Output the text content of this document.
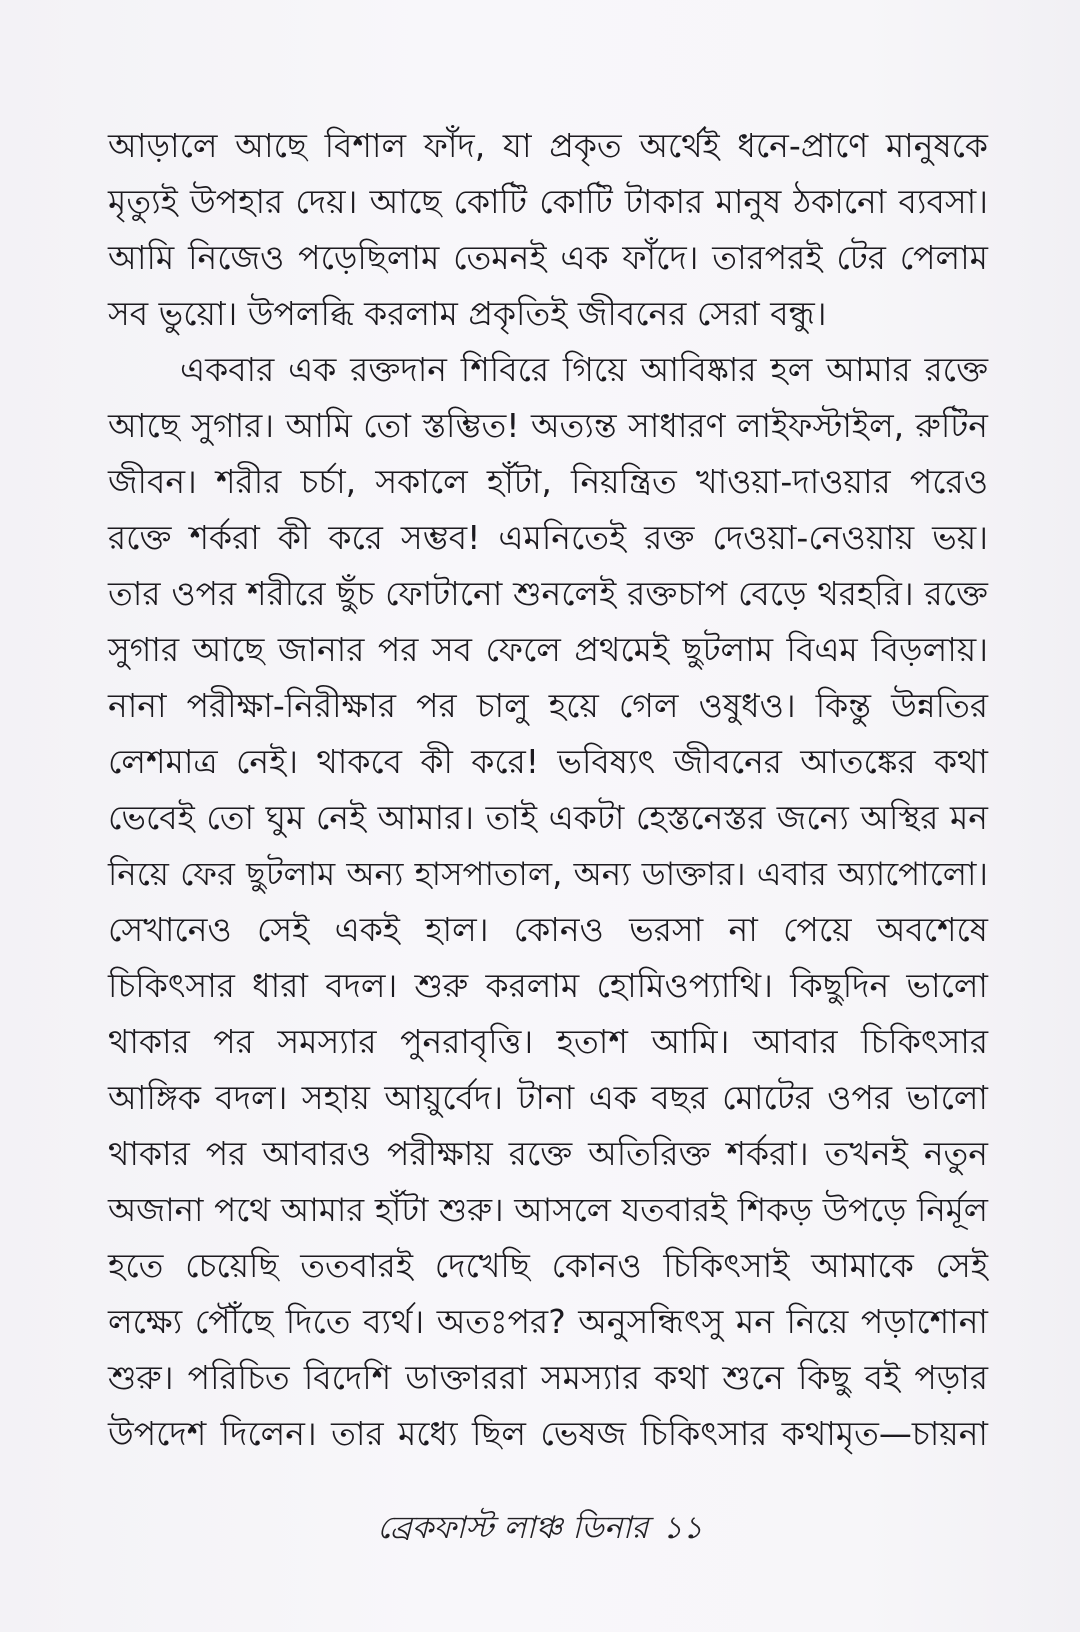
আড়ালে আছে বিশাল ফাঁদ, যা প্রকৃত অর্থেই ধনে-প্রাণে মানুষকে
মৃত্যুই উপহার দেয়। আছে কোটি কোটি টাকার মানুষ ঠকানো ব্যবসা।
আমি নিজেও পড়েছিলাম তেমনই এক ফাঁদে। তারপরই টের পেলাম
সব ভুয়ো। উপলব্ধি করলাম প্রকৃতিই জীবনের সেরা বন্ধু।
একবার এক রক্তদান শিবিরে গিয়ে আবিষ্কার হল আমার রক্তে
আছে সুগার। আমি তো স্তম্ভিত! অত্যন্ত সাধারণ লাইফস্টাইল, রুটিন
জীবন। শরীর চর্চা, সকালে হাঁটা, নিয়ন্ত্রিত খাওয়া-দাওয়ার পরেও
রক্তে শর্করা কী করে সম্ভব! এমনিতেই রক্ত দেওয়া-নেওয়ায় ভয়।
তার ওপর শরীরে ছুঁচ ফোটানো শুনলেই রক্তচাপ বেড়ে থরহরি। রক্তে
সুগার আছে জানার পর সব ফেলে প্রথমেই ছুটলাম বিএম বিড়লায়।
নানা পরীক্ষা-নিরীক্ষার পর চালু হয়ে গেল ওষুধও। কিন্তু উন্নতির
লেশমাত্র নেই। থাকবে কী করে! ভবিষ্যৎ জীবনের আতঙ্কের কথা
ভেবেই তো ঘুম নেই আমার। তাই একটা হেস্তনেস্তর জন্যে অস্থির মন
নিয়ে ফের ছুটলাম অন্য হাসপাতাল, অন্য ডাক্তার। এবার অ্যাপোলো।
সেখানেও সেই একই হাল। কোনও ভরসা না পেয়ে অবশেষে
চিকিৎসার ধারা বদল। শুরু করলাম হোমিওপ্যাথি। কিছুদিন ভালো
থাকার পর সমস্যার পুনরাবৃত্তি। হতাশ আমি। আবার চিকিৎসার
আঙ্গিক বদল। সহায় আয়ুর্বেদ। টানা এক বছর মোটের ওপর ভালো
থাকার পর আবারও পরীক্ষায় রক্তে অতিরিক্ত শর্করা। তখনই নতুন
অজানা পথে আমার হাঁটা শুরু। আসলে যতবারই শিকড় উপড়ে নির্মূল
হতে চেয়েছি ততবারই দেখেছি কোনও চিকিৎসাই আমাকে সেই
লক্ষ্যে পৌঁছে দিতে ব্যর্থ। অতঃপর? অনুসন্ধিৎসু মন নিয়ে পড়াশোনা
শুরু। পরিচিত বিদেশি ডাক্তাররা সমস্যার কথা শুনে কিছু বই পড়ার
উপদেশ দিলেন। তার মধ্যে ছিল ভেষজ চিকিৎসার কথামৃত—চায়না
ব্রেকফাস্ট লাঞ্চ ডিনার ১১
